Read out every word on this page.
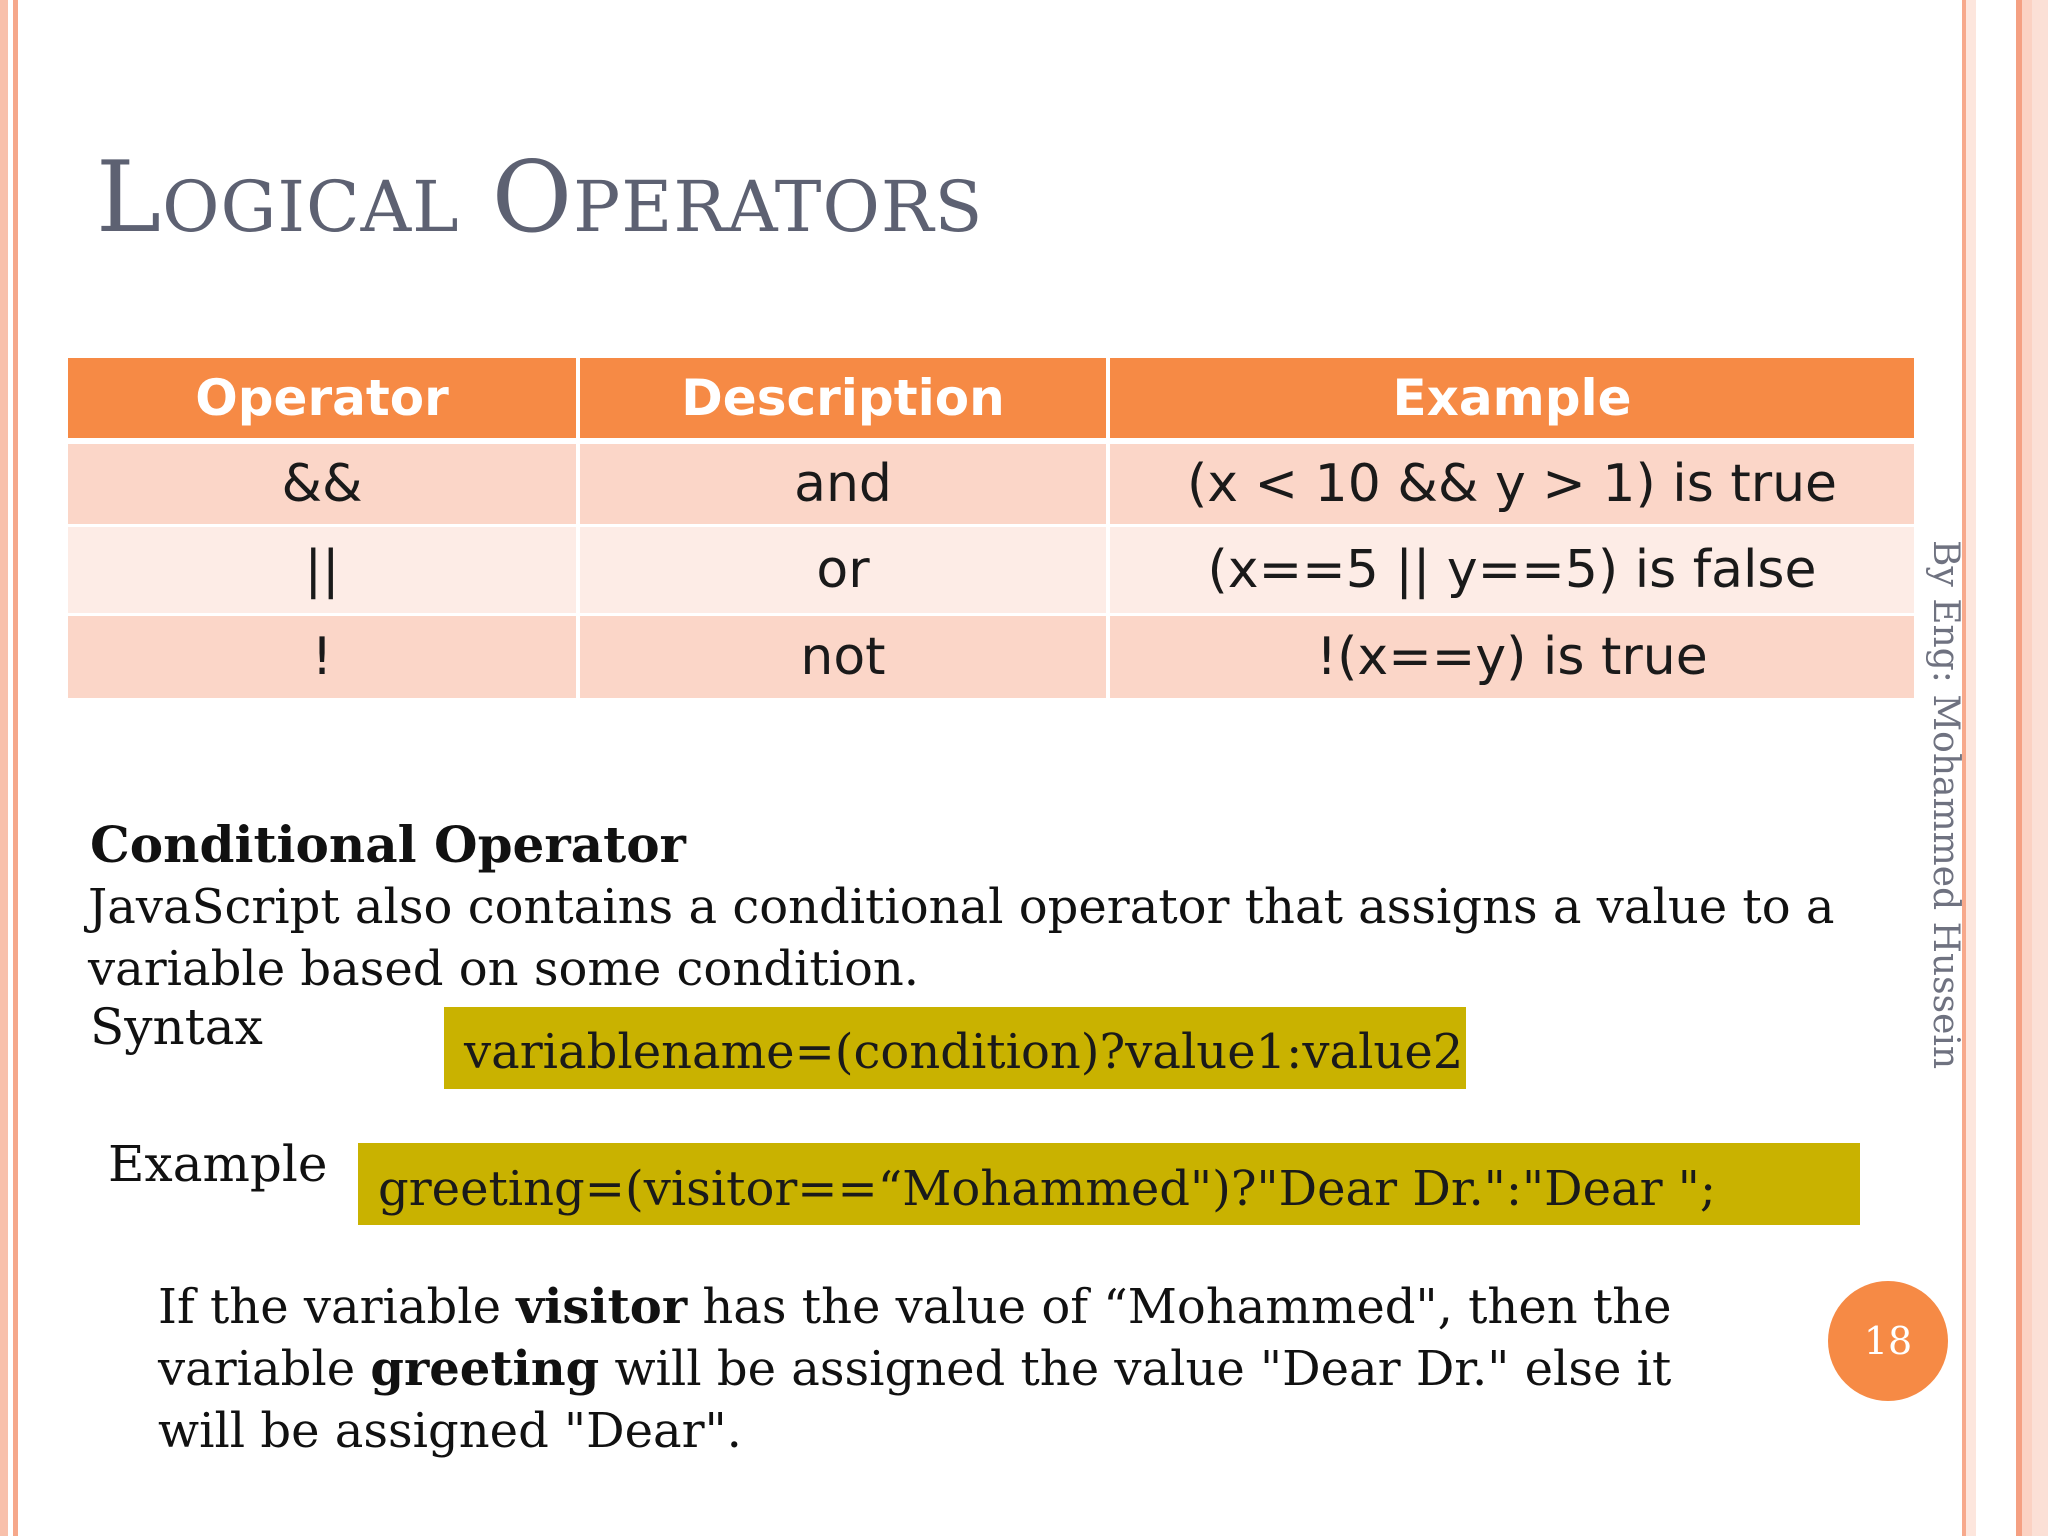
LOGICAL OPERATORS
Operator	Description	Example
&&	and	(x < 10 && y > 1) is true
||	or	(x==5 || y==5) is false
!	not	!(x==y) is true
Conditional Operator

JavaScript also contains a conditional operator that assigns a value to a variable based on some condition.

Syntax	variablename=(condition)?value1:value2
Example	greeting=(visitor==“Mohammed")?"Dear Dr.":"Dear ";

If the variable visitor has the value of “Mohammed", then the variable greeting will be assigned the value "Dear Dr." else it will be assigned "Dear".

By Eng: Mohammed Hussein
18
